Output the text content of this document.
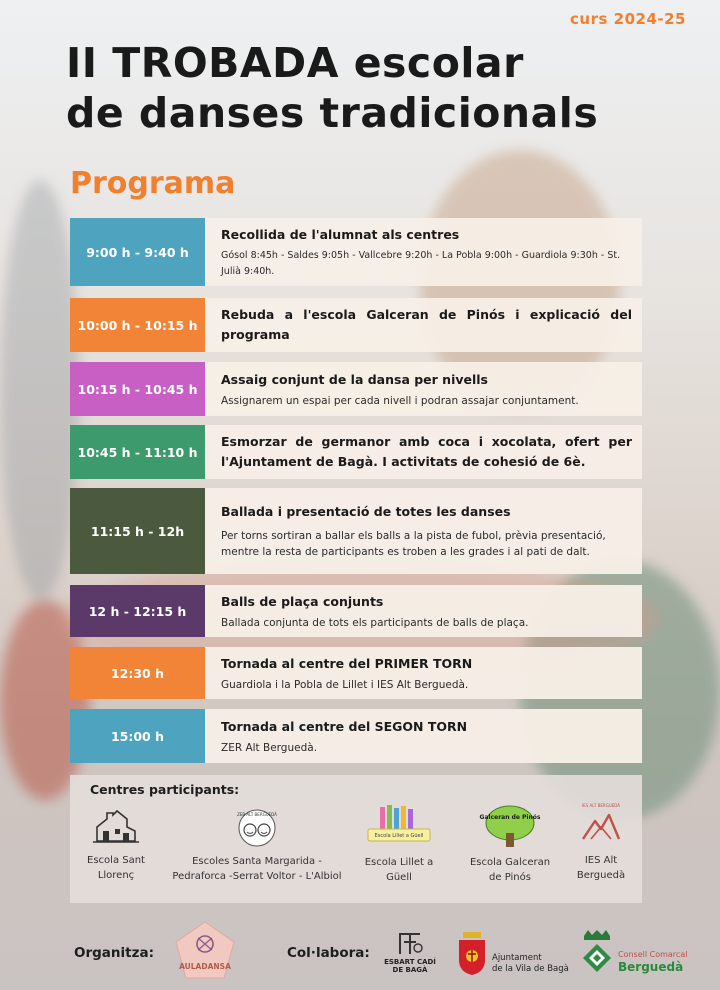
curs 2024-25
II TROBADA escolar
de danses tradicionals
Programa
9:00 h - 9:40 h
Recollida de l'alumnat als centres
Gósol 8:45h - Saldes 9:05h - Vallcebre 9:20h - La Pobla 9:00h - Guardiola 9:30h - St. Julià 9:40h.
10:00 h - 10:15 h
Rebuda a l'escola Galceran de Pinós i explicació del programa
10:15 h - 10:45 h
Assaig conjunt de la dansa per nivells
Assignarem un espai per cada nivell i podran assajar conjuntament.
10:45 h - 11:10 h
Esmorzar de germanor amb coca i xocolata, ofert per l'Ajuntament de Bagà. I activitats de cohesió de 6è.
11:15 h - 12h
Ballada i presentació de totes les danses
Per torns sortiran a ballar els balls a la pista de fubol, prèvia presentació, mentre la resta de participants es troben a les grades i al pati de dalt.
12 h - 12:15 h
Balls de plaça conjunts
Ballada conjunta de tots els participants de balls de plaça.
12:30 h
Tornada al centre del PRIMER TORN
Guardiola i la Pobla de Lillet i IES Alt Berguedà.
15:00 h
Tornada al centre del SEGON TORN
ZER Alt Berguedà.
Centres participants:
Escola Sant
Llorenç
ZER ALT BERGUEDÀ
Escoles Santa Margarida -
Pedraforca -Serrat Voltor - L'Albiol
Escola Lillet a Güell
Escola Lillet a
Güell
Galceran de Pinós
Escola Galceran
de Pinós
IES ALT BERGUEDÀ
IES Alt
Berguedà
Organitza:
AULADANSA
Col·labora:
ESBART CADÍ DE BAGÀ
Ajuntament
de la Vila de Bagà
Consell Comarcal
Berguedà
